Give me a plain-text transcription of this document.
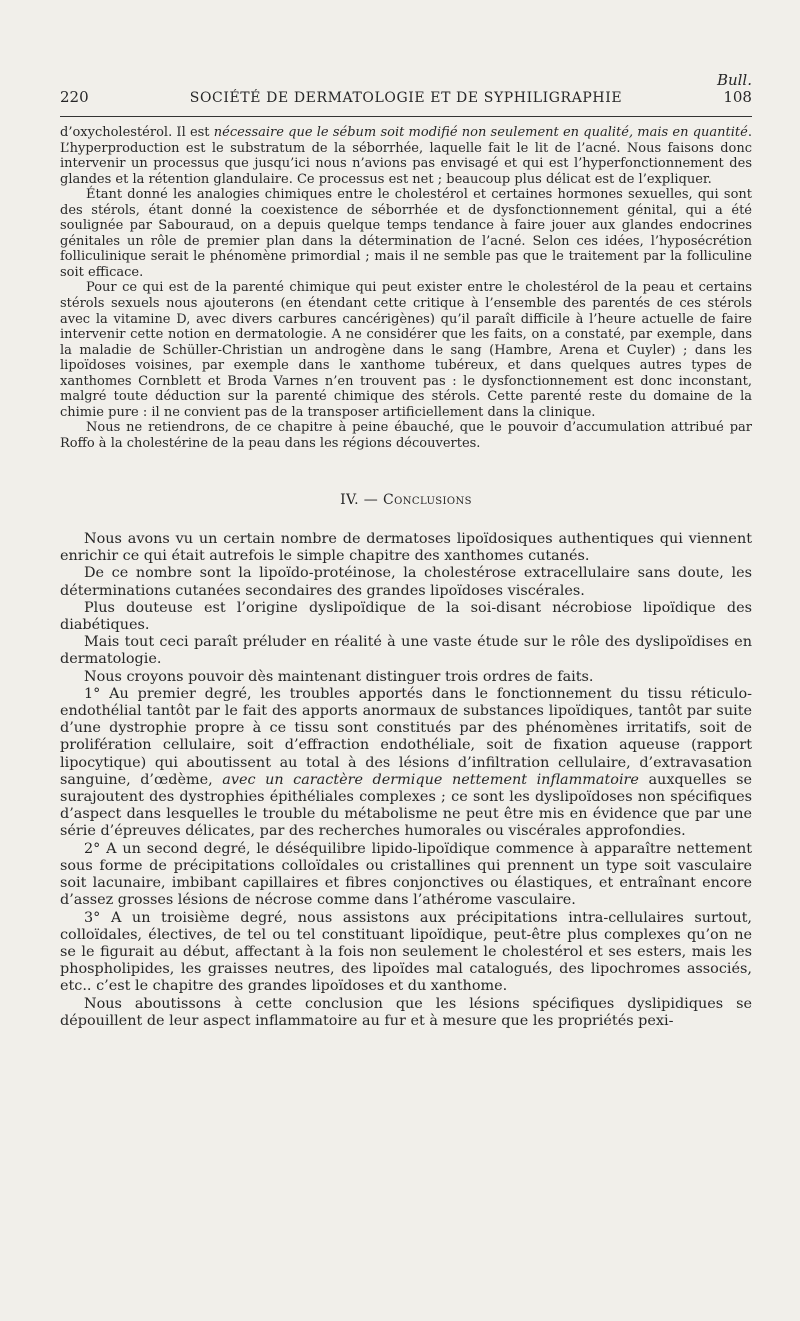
Bull.
220	SOCIÉTÉ DE DERMATOLOGIE ET DE SYPHILIGRAPHIE	108

d’oxycholestérol. Il est nécessaire que le sébum soit modifié non seulement en qualité, mais en quantité. L’hyperproduction est le substratum de la séborrhée, laquelle fait le lit de l’acné. Nous faisons donc intervenir un processus que jusqu’ici nous n’avions pas envisagé et qui est l’hyperfonctionnement des glandes et la rétention glandulaire. Ce processus est net ; beaucoup plus délicat est de l’expliquer.

Étant donné les analogies chimiques entre le cholestérol et certaines hormones sexuelles, qui sont des stérols, étant donné la coexistence de séborrhée et de dysfonctionnement génital, qui a été soulignée par Sabouraud, on a depuis quelque temps tendance à faire jouer aux glandes endocrines génitales un rôle de premier plan dans la détermination de l’acné. Selon ces idées, l’hyposécrétion folliculinique serait le phénomène primordial ; mais il ne semble pas que le traitement par la folliculine soit efficace.

Pour ce qui est de la parenté chimique qui peut exister entre le cholestérol de la peau et certains stérols sexuels nous ajouterons (en étendant cette critique à l’ensemble des parentés de ces stérols avec la vitamine D, avec divers carbures cancérigènes) qu’il paraît difficile à l’heure actuelle de faire intervenir cette notion en dermatologie. A ne considérer que les faits, on a constaté, par exemple, dans la maladie de Schüller-Christian un androgène dans le sang (Hambre, Arena et Cuyler) ; dans les lipoïdoses voisines, par exemple dans le xanthome tubéreux, et dans quelques autres types de xanthomes Cornblett et Broda Varnes n’en trouvent pas : le dysfonctionnement est donc inconstant, malgré toute déduction sur la parenté chimique des stérols. Cette parenté reste du domaine de la chimie pure : il ne convient pas de la transposer artificiellement dans la clinique.

Nous ne retiendrons, de ce chapitre à peine ébauché, que le pouvoir d’accumulation attribué par Roffo à la cholestérine de la peau dans les régions découvertes.

IV. — Conclusions

Nous avons vu un certain nombre de dermatoses lipoïdosiques authentiques qui viennent enrichir ce qui était autrefois le simple chapitre des xanthomes cutanés.

De ce nombre sont la lipoïdo-protéinose, la cholestérose extracellulaire sans doute, les déterminations cutanées secondaires des grandes lipoïdoses viscérales.

Plus douteuse est l’origine dyslipoïdique de la soi-disant nécrobiose lipoïdique des diabétiques.

Mais tout ceci paraît préluder en réalité à une vaste étude sur le rôle des dyslipoïdises en dermatologie.

Nous croyons pouvoir dès maintenant distinguer trois ordres de faits.

1° Au premier degré, les troubles apportés dans le fonctionnement du tissu réticulo-endothélial tantôt par le fait des apports anormaux de substances lipoïdiques, tantôt par suite d’une dystrophie propre à ce tissu sont constitués par des phénomènes irritatifs, soit de prolifération cellulaire, soit d’effraction endothéliale, soit de fixation aqueuse (rapport lipocytique) qui aboutissent au total à des lésions d’infiltration cellulaire, d’extravasation sanguine, d’œdème, avec un caractère dermique nettement inflammatoire auxquelles se surajoutent des dystrophies épithéliales complexes ; ce sont les dyslipoïdoses non spécifiques d’aspect dans lesquelles le trouble du métabolisme ne peut être mis en évidence que par une série d’épreuves délicates, par des recherches humorales ou viscérales approfondies.

2° A un second degré, le déséquilibre lipido-lipoïdique commence à apparaître nettement sous forme de précipitations colloïdales ou cristallines qui prennent un type soit vasculaire soit lacunaire, imbibant capillaires et fibres conjonctives ou élastiques, et entraînant encore d’assez grosses lésions de nécrose comme dans l’athérome vasculaire.

3° A un troisième degré, nous assistons aux précipitations intra-cellulaires surtout, colloïdales, électives, de tel ou tel constituant lipoïdique, peut-être plus complexes qu’on ne se le figurait au début, affectant à la fois non seulement le cholestérol et ses esters, mais les phospholipides, les graisses neutres, des lipoïdes mal catalogués, des lipochromes associés, etc.. c’est le chapitre des grandes lipoïdoses et du xanthome.

Nous aboutissons à cette conclusion que les lésions spécifiques dyslipidiques se dépouillent de leur aspect inflammatoire au fur et à mesure que les propriétés pexi-
